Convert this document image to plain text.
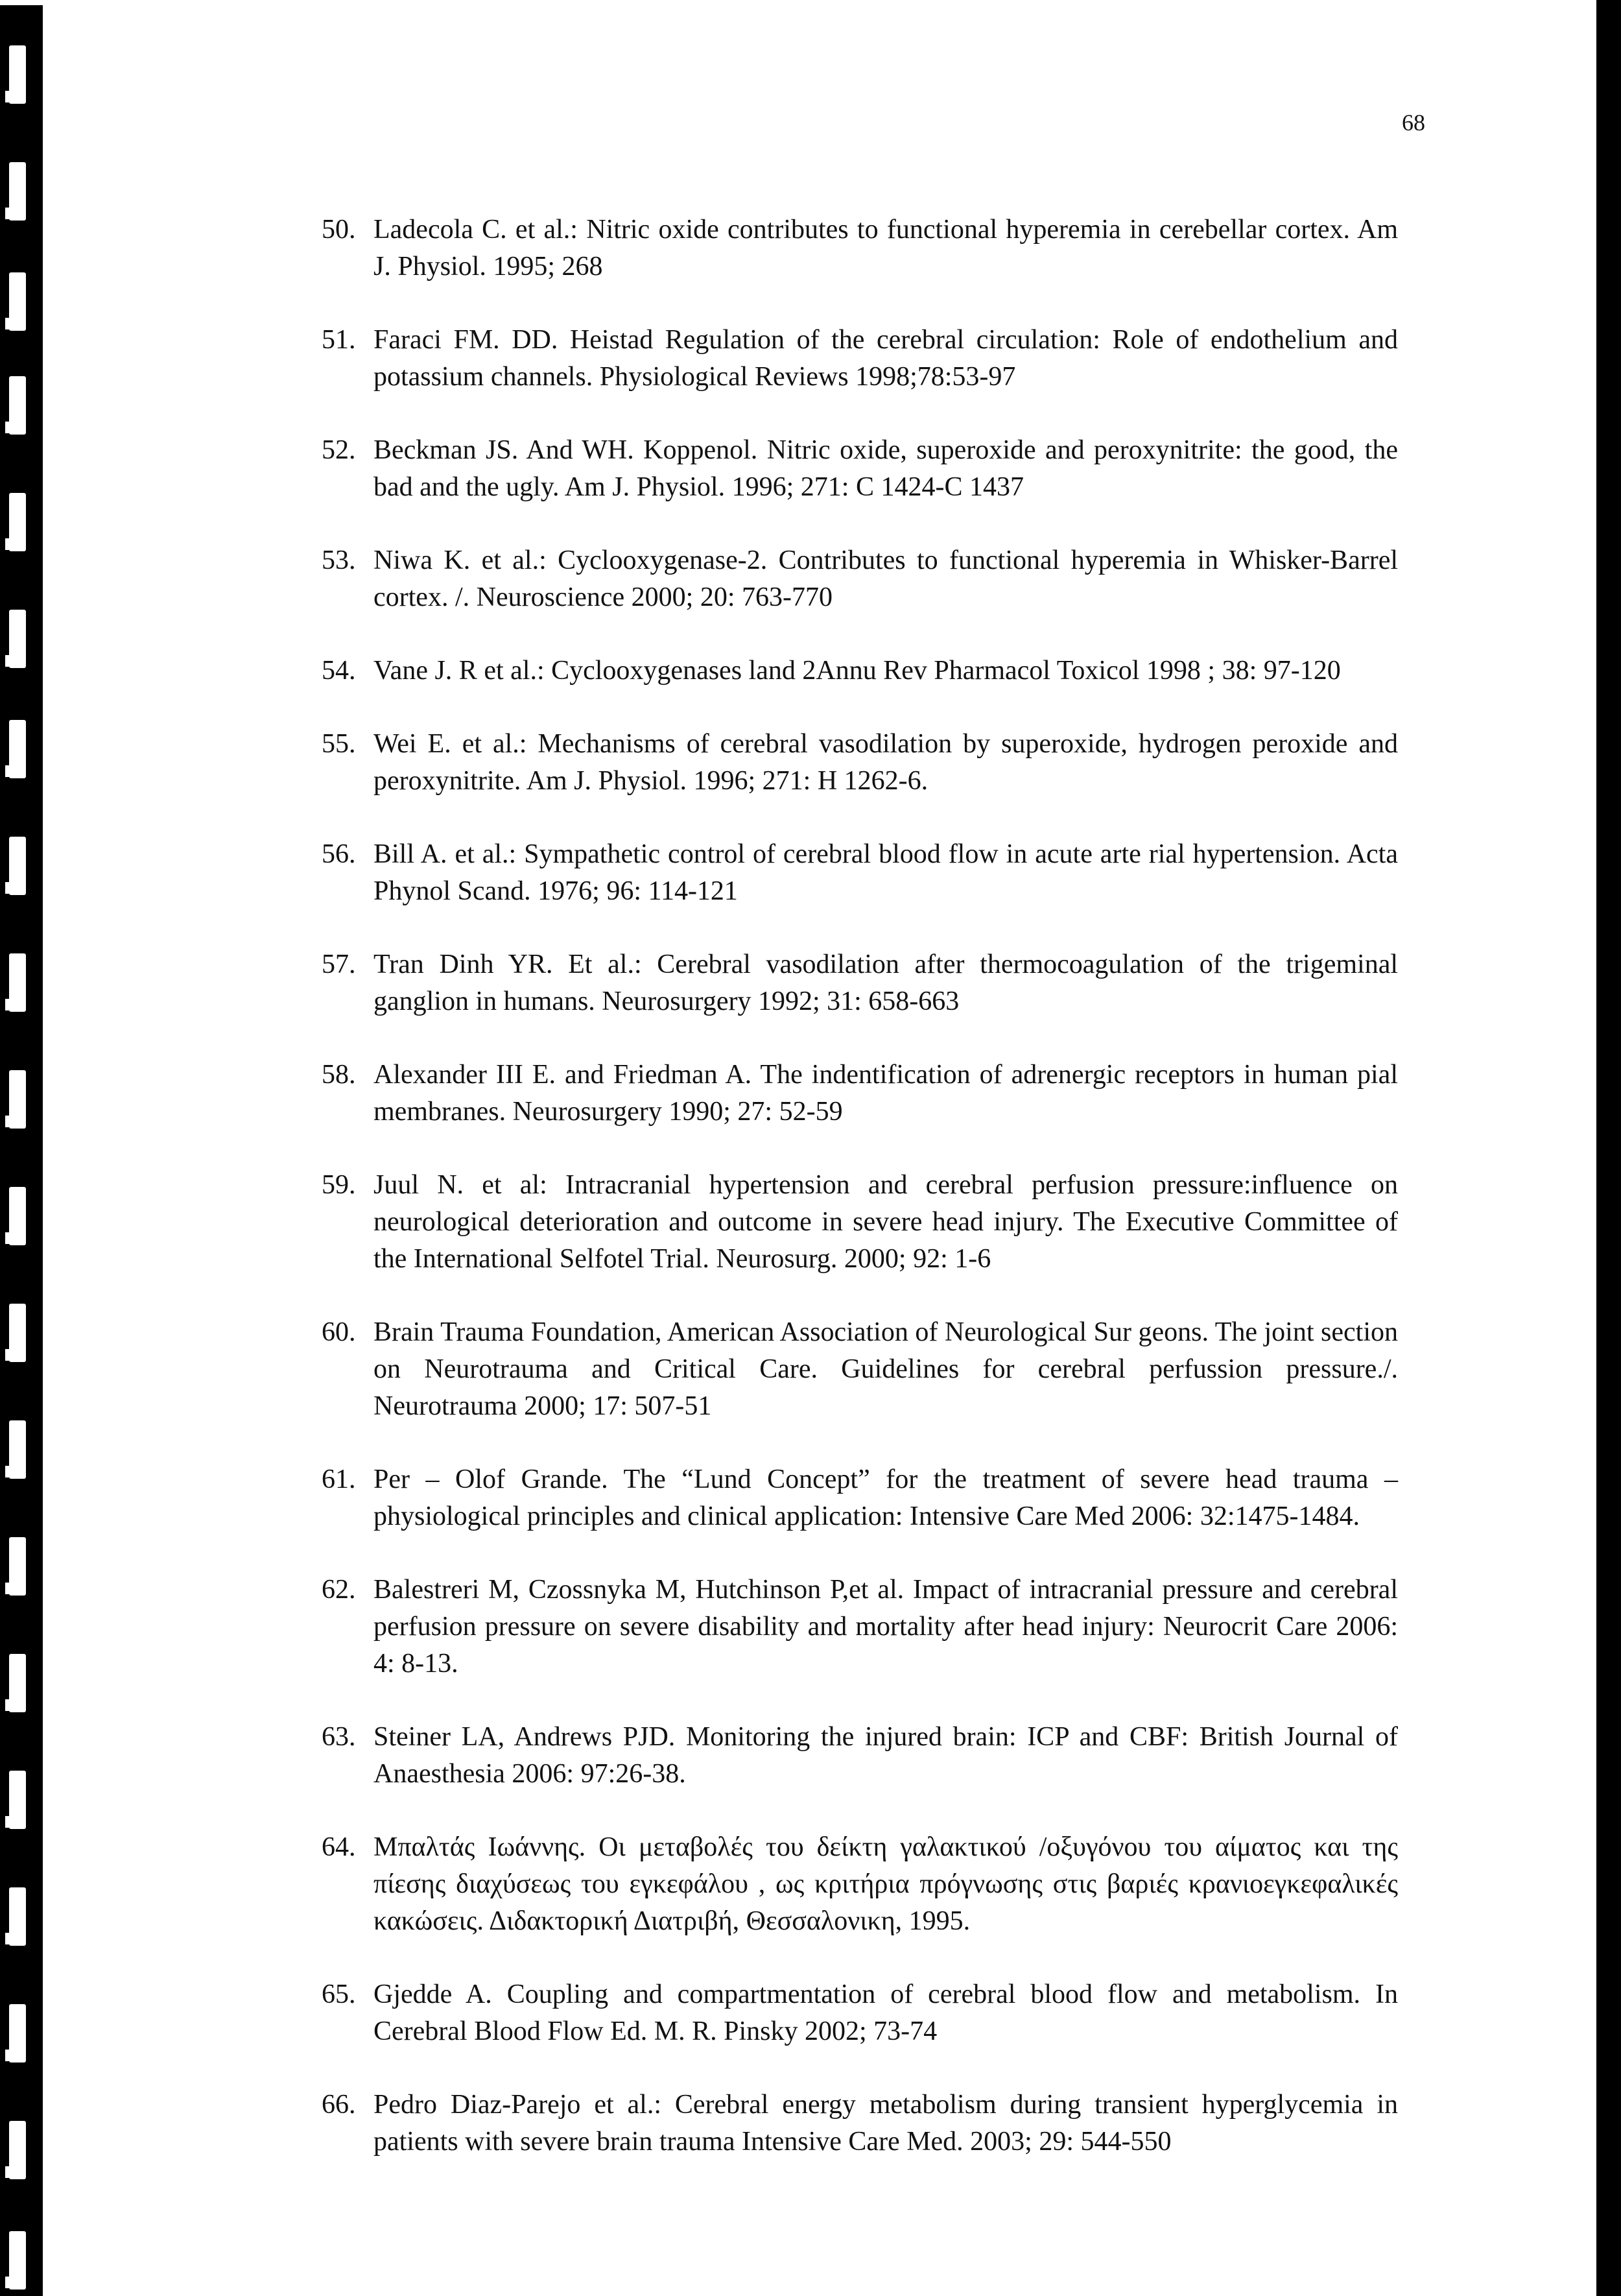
68
50. Ladecola C. et al.: Nitric oxide contributes to functional hyperemia in cerebellar cortex. Am J. Physiol. 1995; 268
51. Faraci FM. DD. Heistad Regulation of the cerebral circulation: Role of endothelium and potassium channels. Physiological Reviews 1998;78:53-97
52. Beckman JS. And WH. Koppenol. Nitric oxide, superoxide and peroxynitrite: the good, the bad and the ugly. Am J. Physiol. 1996; 271: C 1424-C 1437
53. Niwa K. et al.: Cyclooxygenase-2. Contributes to functional hyperemia in Whisker-Barrel cortex. /. Neuroscience 2000; 20: 763-770
54. Vane J. R et al.: Cyclooxygenases land 2Annu Rev Pharmacol Toxicol 1998 ; 38: 97-120
55. Wei E. et al.: Mechanisms of cerebral vasodilation by superoxide, hydrogen peroxide and peroxynitrite. Am J. Physiol. 1996; 271: H 1262-6.
56. Bill A. et al.: Sympathetic control of cerebral blood flow in acute arte rial hypertension. Acta Phynol Scand. 1976; 96: 114-121
57. Tran Dinh YR. Et al.: Cerebral vasodilation after thermocoagulation of the trigeminal ganglion in humans. Neurosurgery 1992; 31: 658-663
58. Alexander III E. and Friedman A. The indentification of adrenergic receptors in human pial membranes. Neurosurgery 1990; 27: 52-59
59. Juul N. et al: Intracranial hypertension and cerebral perfusion pressure:influence on neurological deterioration and outcome in severe head injury. The Executive Committee of the International Selfotel Trial. Neurosurg. 2000; 92: 1-6
60. Brain Trauma Foundation, American Association of Neurological Sur geons. The joint section on Neurotrauma and Critical Care. Guidelines for cerebral perfussion pressure./. Neurotrauma 2000; 17: 507-51
61. Per – Olof Grande. The “Lund Concept” for the treatment of severe head trauma – physiological principles and clinical application: Intensive Care Med 2006: 32:1475-1484.
62. Balestreri M, Czossnyka M, Hutchinson P,et al. Impact of intracranial pressure and cerebral perfusion pressure on severe disability and mortality after head injury: Neurocrit Care 2006: 4: 8-13.
63. Steiner LA, Andrews PJD. Monitoring the injured brain: ICP and CBF: British Journal of Anaesthesia 2006: 97:26-38.
64. Μπαλτάς Ιωάννης. Οι μεταβολές του δείκτη γαλακτικού /οξυγόνου του αίματος και της πίεσης διαχύσεως του εγκεφάλου , ως κριτήρια πρόγνωσης στις βαριές κρανιοεγκεφαλικές κακώσεις. Διδακτορική Διατριβή, Θεσσαλονικη, 1995.
65. Gjedde A. Coupling and compartmentation of cerebral blood flow and metabolism. In Cerebral Blood Flow Ed. M. R. Pinsky 2002; 73-74
66. Pedro Diaz-Parejo et al.: Cerebral energy metabolism during transient hyperglycemia in patients with severe brain trauma Intensive Care Med. 2003; 29: 544-550
